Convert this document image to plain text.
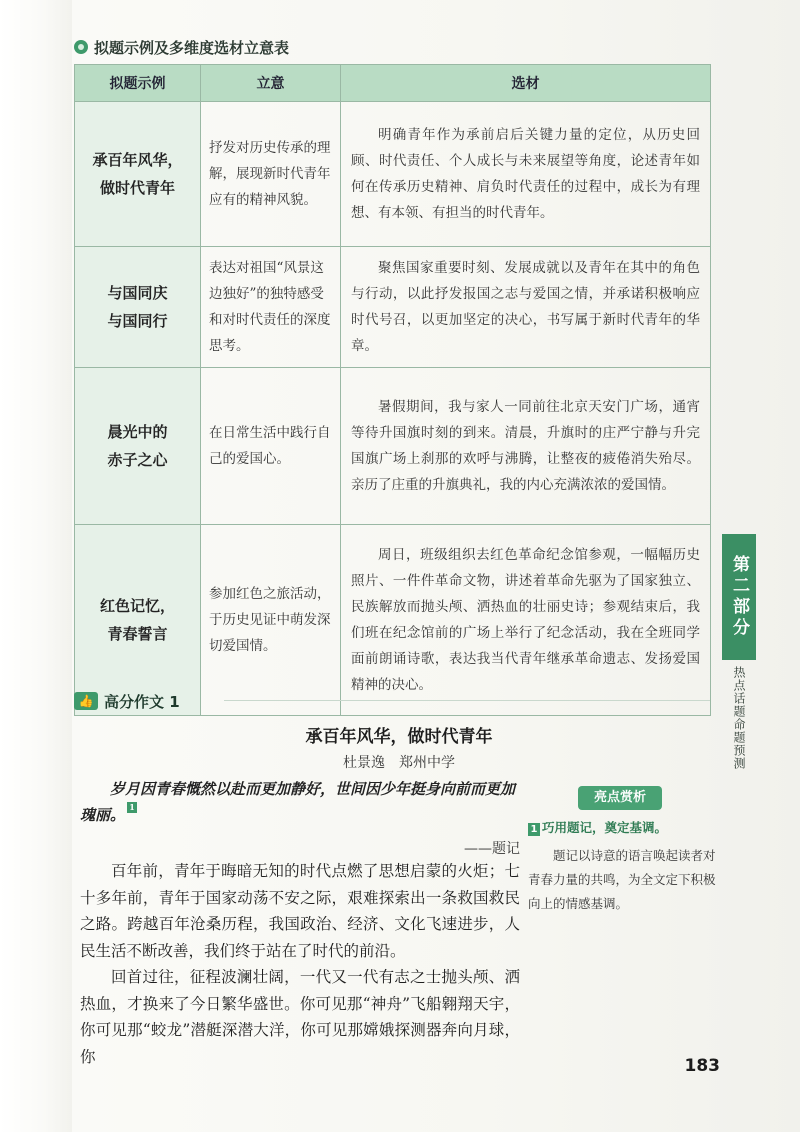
拟题示例及多维度选材立意表
拟题示例	立意	选材

承百年风华，
做时代青年	抒发对历史传承的理解，展现新时代青年应有的精神风貌。	明确青年作为承前启后关键力量的定位，从历史回顾、时代责任、个人成长与未来展望等角度，论述青年如何在传承历史精神、肩负时代责任的过程中，成长为有理想、有本领、有担当的时代青年。

与国同庆
与国同行	表达对祖国“风景这边独好”的独特感受和对时代责任的深度思考。	聚焦国家重要时刻、发展成就以及青年在其中的角色与行动，以此抒发报国之志与爱国之情，并承诺积极响应时代号召，以更加坚定的决心，书写属于新时代青年的华章。

晨光中的
赤子之心	在日常生活中践行自己的爱国心。	暑假期间，我与家人一同前往北京天安门广场，通宵等待升国旗时刻的到来。清晨，升旗时的庄严宁静与升完国旗广场上刹那的欢呼与沸腾，让整夜的疲倦消失殆尽。亲历了庄重的升旗典礼，我的内心充满浓浓的爱国情。

红色记忆，
青春誓言	参加红色之旅活动，于历史见证中萌发深切爱国情。	周日，班级组织去红色革命纪念馆参观，一幅幅历史照片、一件件革命文物，讲述着革命先驱为了国家独立、民族解放而抛头颅、洒热血的壮丽史诗；参观结束后，我们班在纪念馆前的广场上举行了纪念活动，我在全班同学面前朗诵诗歌，表达我当代青年继承革命遗志、发扬爱国精神的决心。
👍 高分作文 1
承百年风华，做时代青年
杜景逸　郑州中学
岁月因青春慨然以赴而更加静好，世间因少年挺身向前而更加瑰丽。 1
——题记
百年前，青年于晦暗无知的时代点燃了思想启蒙的火炬；七十多年前，青年于国家动荡不安之际，艰难探索出一条救国救民之路。跨越百年沧桑历程，我国政治、经济、文化飞速进步，人民生活不断改善，我们终于站在了时代的前沿。
回首过往，征程波澜壮阔，一代又一代有志之士抛头颅、洒热血，才换来了今日繁华盛世。你可见那“神舟”飞船翱翔天宇，你可见那“蛟龙”潜艇深潜大洋，你可见那嫦娥探测器奔向月球，你
亮点赏析
1 巧用题记，奠定基调。
题记以诗意的语言唤起读者对青春力量的共鸣，为全文定下积极向上的情感基调。
第二部分
热点话题命题预测
183
